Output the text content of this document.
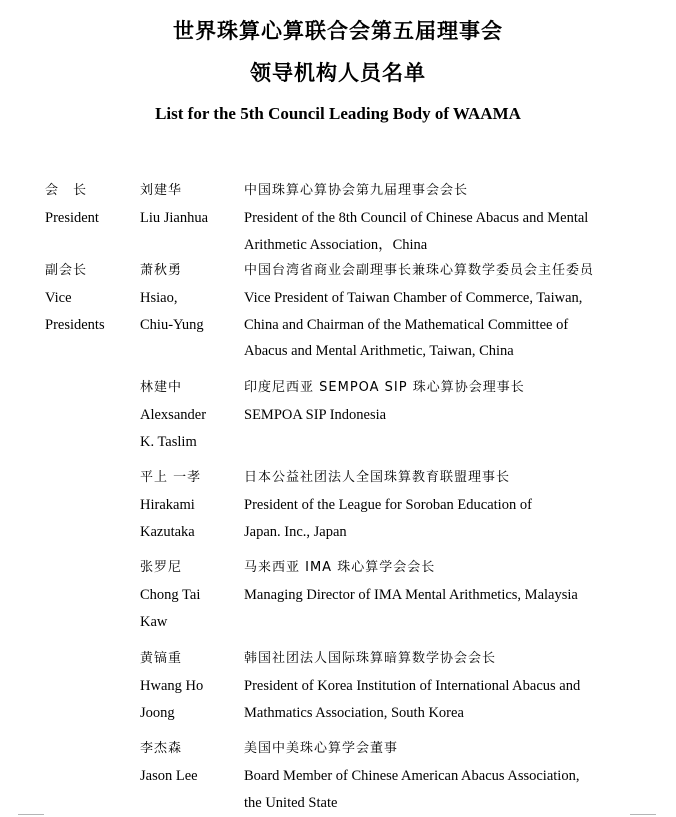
世界珠算心算联合会第五届理事会
领导机构人员名单
List for the 5th Council Leading Body of WAAMA
会　长
President
刘建华
Liu Jianhua
中国珠算心算协会第九届理事会会长
President of the 8th Council of Chinese Abacus and Mental
Arithmetic Association，China
副会长
Vice
Presidents
萧秋勇
Hsiao,
Chiu-Yung
中国台湾省商业会副理事长兼珠心算数学委员会主任委员
Vice President of Taiwan Chamber of Commerce, Taiwan,
China and Chairman of the Mathematical Committee of
Abacus and Mental Arithmetic, Taiwan, China
林建中
Alexsander
K. Taslim
印度尼西亚 SEMPOA SIP 珠心算协会理事长
SEMPOA SIP Indonesia
平上 一孝
Hirakami
Kazutaka
日本公益社团法人全国珠算教育联盟理事长
President of the League for Soroban Education of
Japan. Inc., Japan
张罗尼
Chong Tai
Kaw
马来西亚 IMA 珠心算学会会长
Managing Director of IMA Mental Arithmetics, Malaysia
黄镐重
Hwang Ho
Joong
韩国社团法人国际珠算暗算数学协会会长
President of Korea Institution of International Abacus and
Mathmatics Association, South Korea
李杰森
Jason Lee
美国中美珠心算学会董事
Board Member of Chinese American Abacus Association,
the United State
